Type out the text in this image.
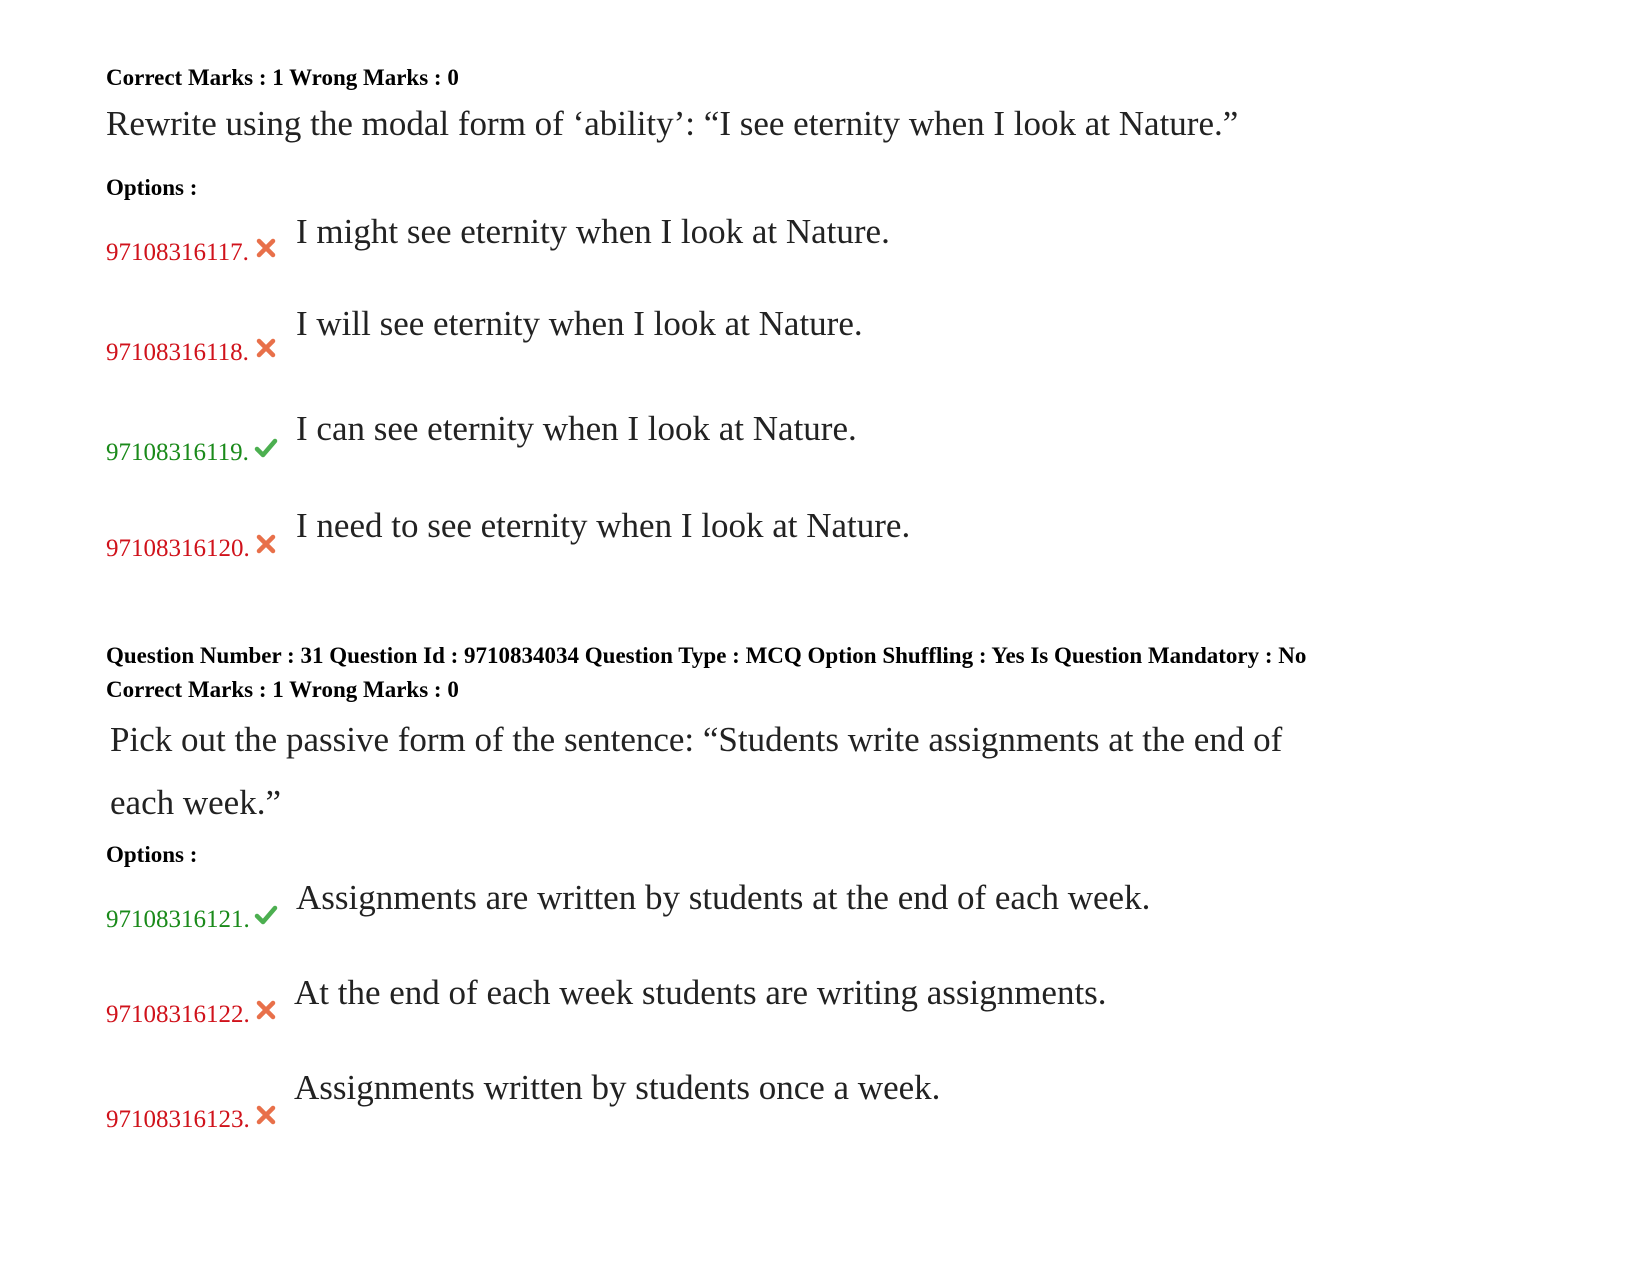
Correct Marks : 1 Wrong Marks : 0
Rewrite using the modal form of ‘ability’: “I see eternity when I look at Nature.”
Options :
97108316117.
I might see eternity when I look at Nature.
97108316118.
I will see eternity when I look at Nature.
97108316119.
I can see eternity when I look at Nature.
97108316120.
I need to see eternity when I look at Nature.
Question Number : 31 Question Id : 9710834034 Question Type : MCQ Option Shuffling : Yes Is Question Mandatory : No
Correct Marks : 1 Wrong Marks : 0
Pick out the passive form of the sentence: “Students write assignments at the end of
each week.”
Options :
97108316121.
Assignments are written by students at the end of each week.
97108316122.
At the end of each week students are writing assignments.
97108316123.
Assignments written by students once a week.
